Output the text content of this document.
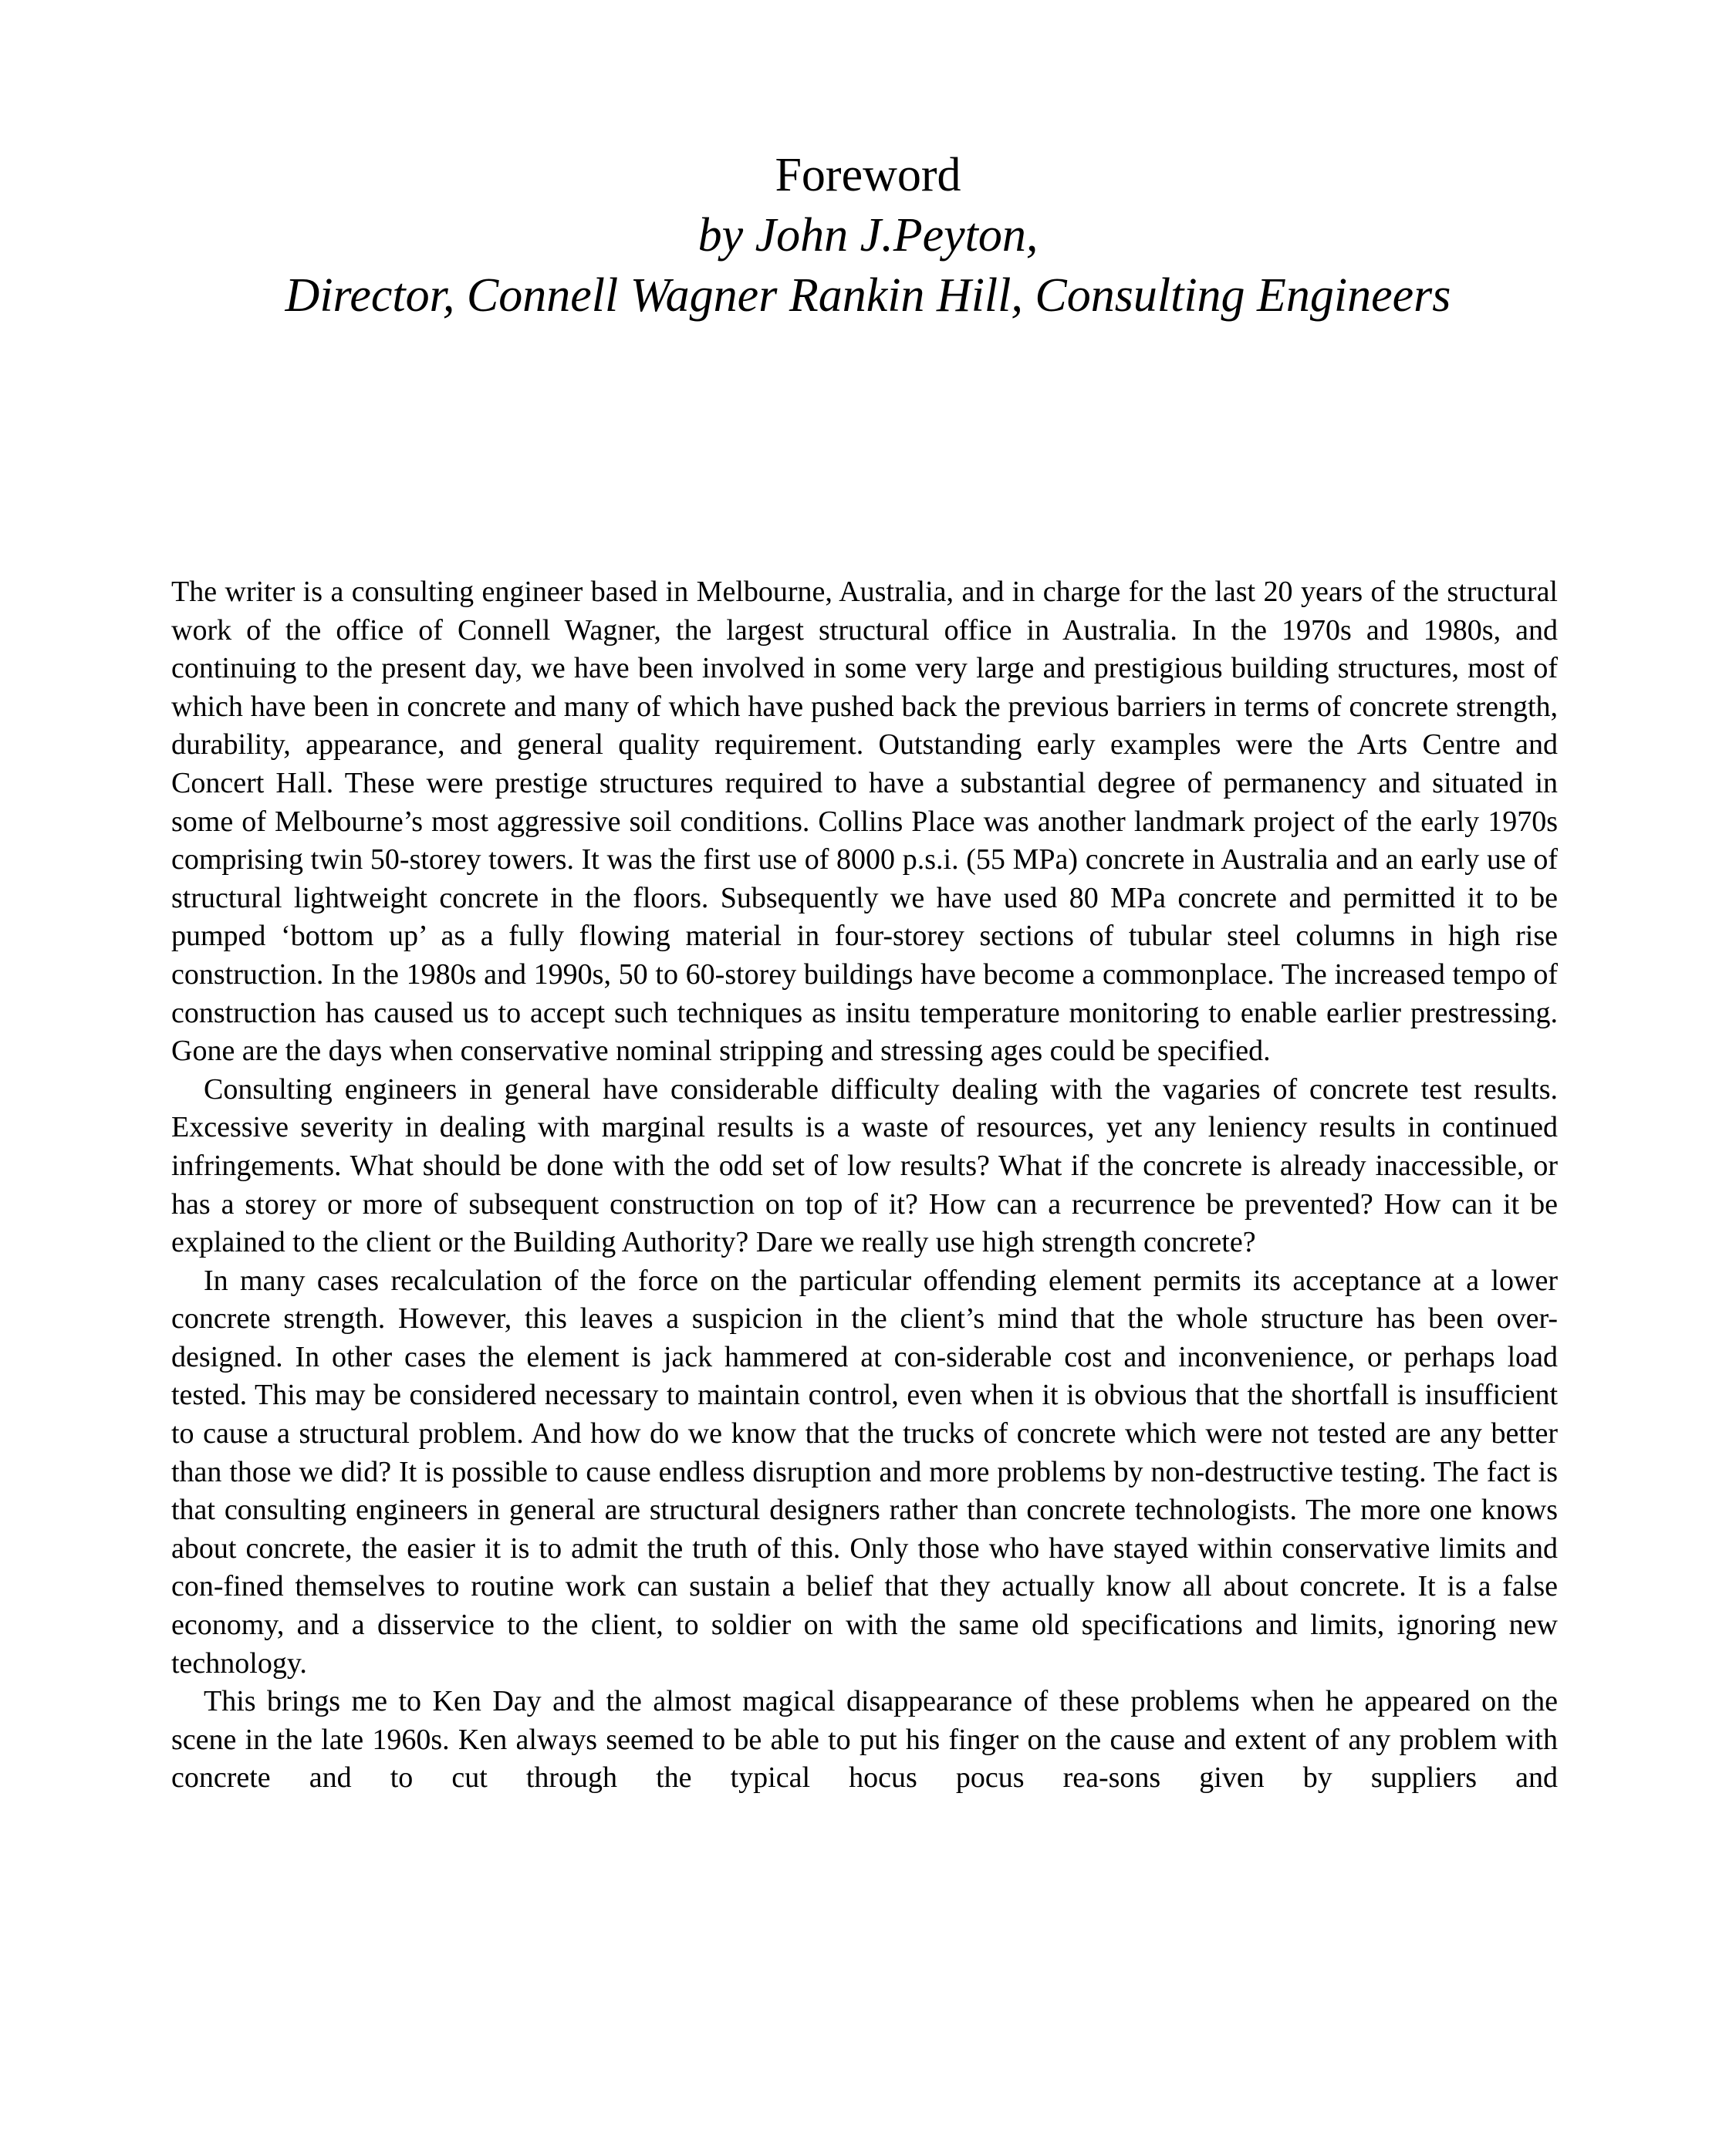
Foreword
by John J.Peyton,
Director, Connell Wagner Rankin Hill, Consulting Engineers

The writer is a consulting engineer based in Melbourne, Australia, and in charge for the last 20 years of the structural work of the office of Connell Wagner, the largest structural office in Australia. In the 1970s and 1980s, and continuing to the present day, we have been involved in some very large and prestigious building structures, most of which have been in concrete and many of which have pushed back the previous barriers in terms of concrete strength, durability, appearance, and general quality requirement. Outstanding early examples were the Arts Centre and Concert Hall. These were prestige structures required to have a substantial degree of permanency and situated in some of Melbourne’s most aggressive soil conditions. Collins Place was another landmark project of the early 1970s comprising twin 50-storey towers. It was the first use of 8000 p.s.i. (55 MPa) concrete in Australia and an early use of structural lightweight concrete in the floors. Subsequently we have used 80 MPa concrete and permitted it to be pumped ‘bottom up’ as a fully flowing material in four-storey sections of tubular steel columns in high rise construction. In the 1980s and 1990s, 50 to 60-storey buildings have become a commonplace. The increased tempo of construction has caused us to accept such techniques as insitu temperature monitoring to enable earlier prestressing. Gone are the days when conservative nominal stripping and stressing ages could be specified.

Consulting engineers in general have considerable difficulty dealing with the vagaries of concrete test results. Excessive severity in dealing with marginal results is a waste of resources, yet any leniency results in continued infringements. What should be done with the odd set of low results? What if the concrete is already inaccessible, or has a storey or more of subsequent construction on top of it? How can a recurrence be prevented? How can it be explained to the client or the Building Authority? Dare we really use high strength concrete?

In many cases recalculation of the force on the particular offending element permits its acceptance at a lower concrete strength. However, this leaves a suspicion in the client’s mind that the whole structure has been over-designed. In other cases the element is jack hammered at con-siderable cost and inconvenience, or perhaps load tested. This may be considered necessary to maintain control, even when it is obvious that the shortfall is insufficient to cause a structural problem. And how do we know that the trucks of concrete which were not tested are any better than those we did? It is possible to cause endless disruption and more problems by non-destructive testing. The fact is that consulting engineers in general are structural designers rather than concrete technologists. The more one knows about concrete, the easier it is to admit the truth of this. Only those who have stayed within conservative limits and con-fined themselves to routine work can sustain a belief that they actually know all about concrete. It is a false economy, and a disservice to the client, to soldier on with the same old specifications and limits, ignoring new technology.

This brings me to Ken Day and the almost magical disappearance of these problems when he appeared on the scene in the late 1960s. Ken always seemed to be able to put his finger on the cause and extent of any problem with concrete and to cut through the typical hocus pocus rea-sons given by suppliers and
